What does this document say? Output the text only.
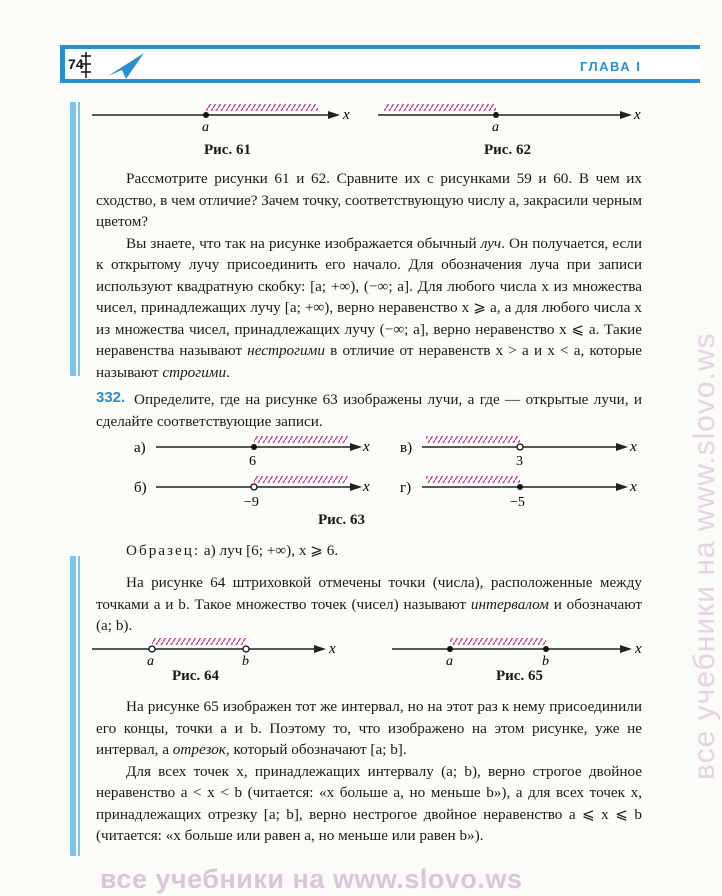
74	ГЛАВА I
a
x
Рис. 61
a
x
Рис. 62

Рассмотрите рисунки 61 и 62. Сравните их с рисунками 59 и 60. В чем их сходство, в чем отличие? Зачем точку, соответствующую числу a, закрасили черным цветом?

Вы знаете, что так на рисунке изображается обычный луч. Он получается, если к открытому лучу присоединить его начало. Для обозначения луча при записи используют квадратную скобку: [a; +∞), (−∞; a]. Для любого числа x из множества чисел, принадлежащих лучу [a; +∞), верно неравенство x ⩾ a, а для любого числа x из множества чисел, принадлежащих лучу (−∞; a], верно неравенство x ⩽ a. Такие неравенства называют нестрогими в отличие от неравенств x > a и x < a, которые называют строгими.

332. Определите, где на рисунке 63 изображены лучи, а где — открытые лучи, и сделайте соответствующие записи.

а)
6
x в)
3
x
б)
−9
x г)
−5
x
Рис. 63
Образец: а) луч [6; +∞), x ⩾ 6.

На рисунке 64 штриховкой отмечены точки (числа), расположенные между точками a и b. Такое множество точек (чисел) называют интервалом и обозначают (a; b).

a	b
x
Рис. 64
a	b
x
Рис. 65

На рисунке 65 изображен тот же интервал, но на этот раз к нему присоединили его концы, точки a и b. Поэтому то, что изображено на этом рисунке, уже не интервал, а отрезок, который обозначают [a; b].

Для всех точек x, принадлежащих интервалу (a; b), верно строгое двойное неравенство a < x < b (читается: «x больше a, но меньше b»), а для всех точек x, принадлежащих отрезку [a; b], верно нестрогое двойное неравенство a ⩽ x ⩽ b (читается: «x больше или равен a, но меньше или равен b»).

все учебники на www.slovo.ws
все учебники на www.slovo.ws
